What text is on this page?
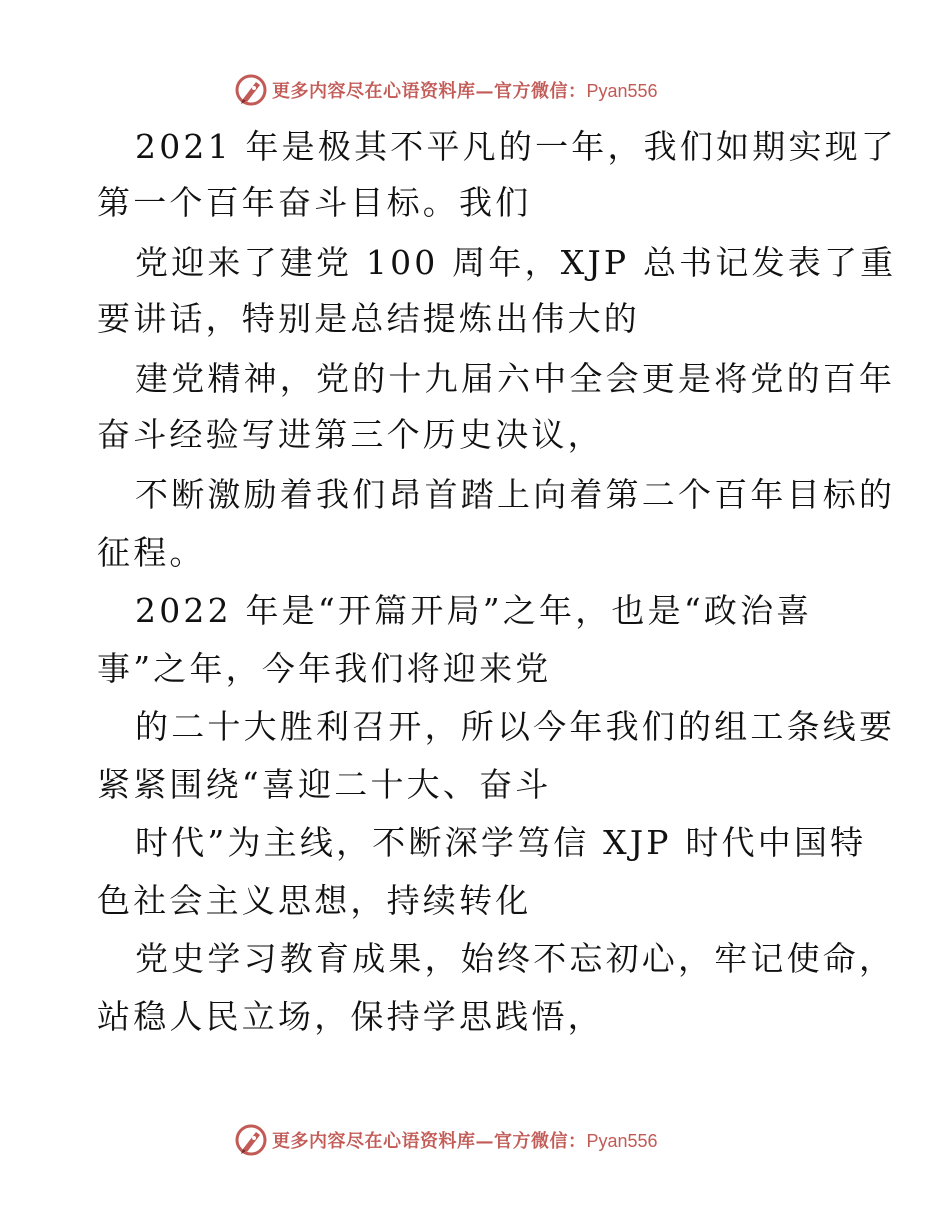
更多内容尽在心语资料库—官方微信：Pyan556
2021 年是极其不平凡的一年，我们如期实现了
第一个百年奋斗目标。我们
党迎来了建党 100 周年，XJP 总书记发表了重
要讲话，特别是总结提炼出伟大的
建党精神，党的十九届六中全会更是将党的百年
奋斗经验写进第三个历史决议，
不断激励着我们昂首踏上向着第二个百年目标的
征程。
2022 年是“开篇开局”之年，也是“政治喜
事”之年，今年我们将迎来党
的二十大胜利召开，所以今年我们的组工条线要
紧紧围绕“喜迎二十大、奋斗
时代”为主线，不断深学笃信 XJP 时代中国特
色社会主义思想，持续转化
党史学习教育成果，始终不忘初心，牢记使命，
站稳人民立场，保持学思践悟，
更多内容尽在心语资料库—官方微信：Pyan556
